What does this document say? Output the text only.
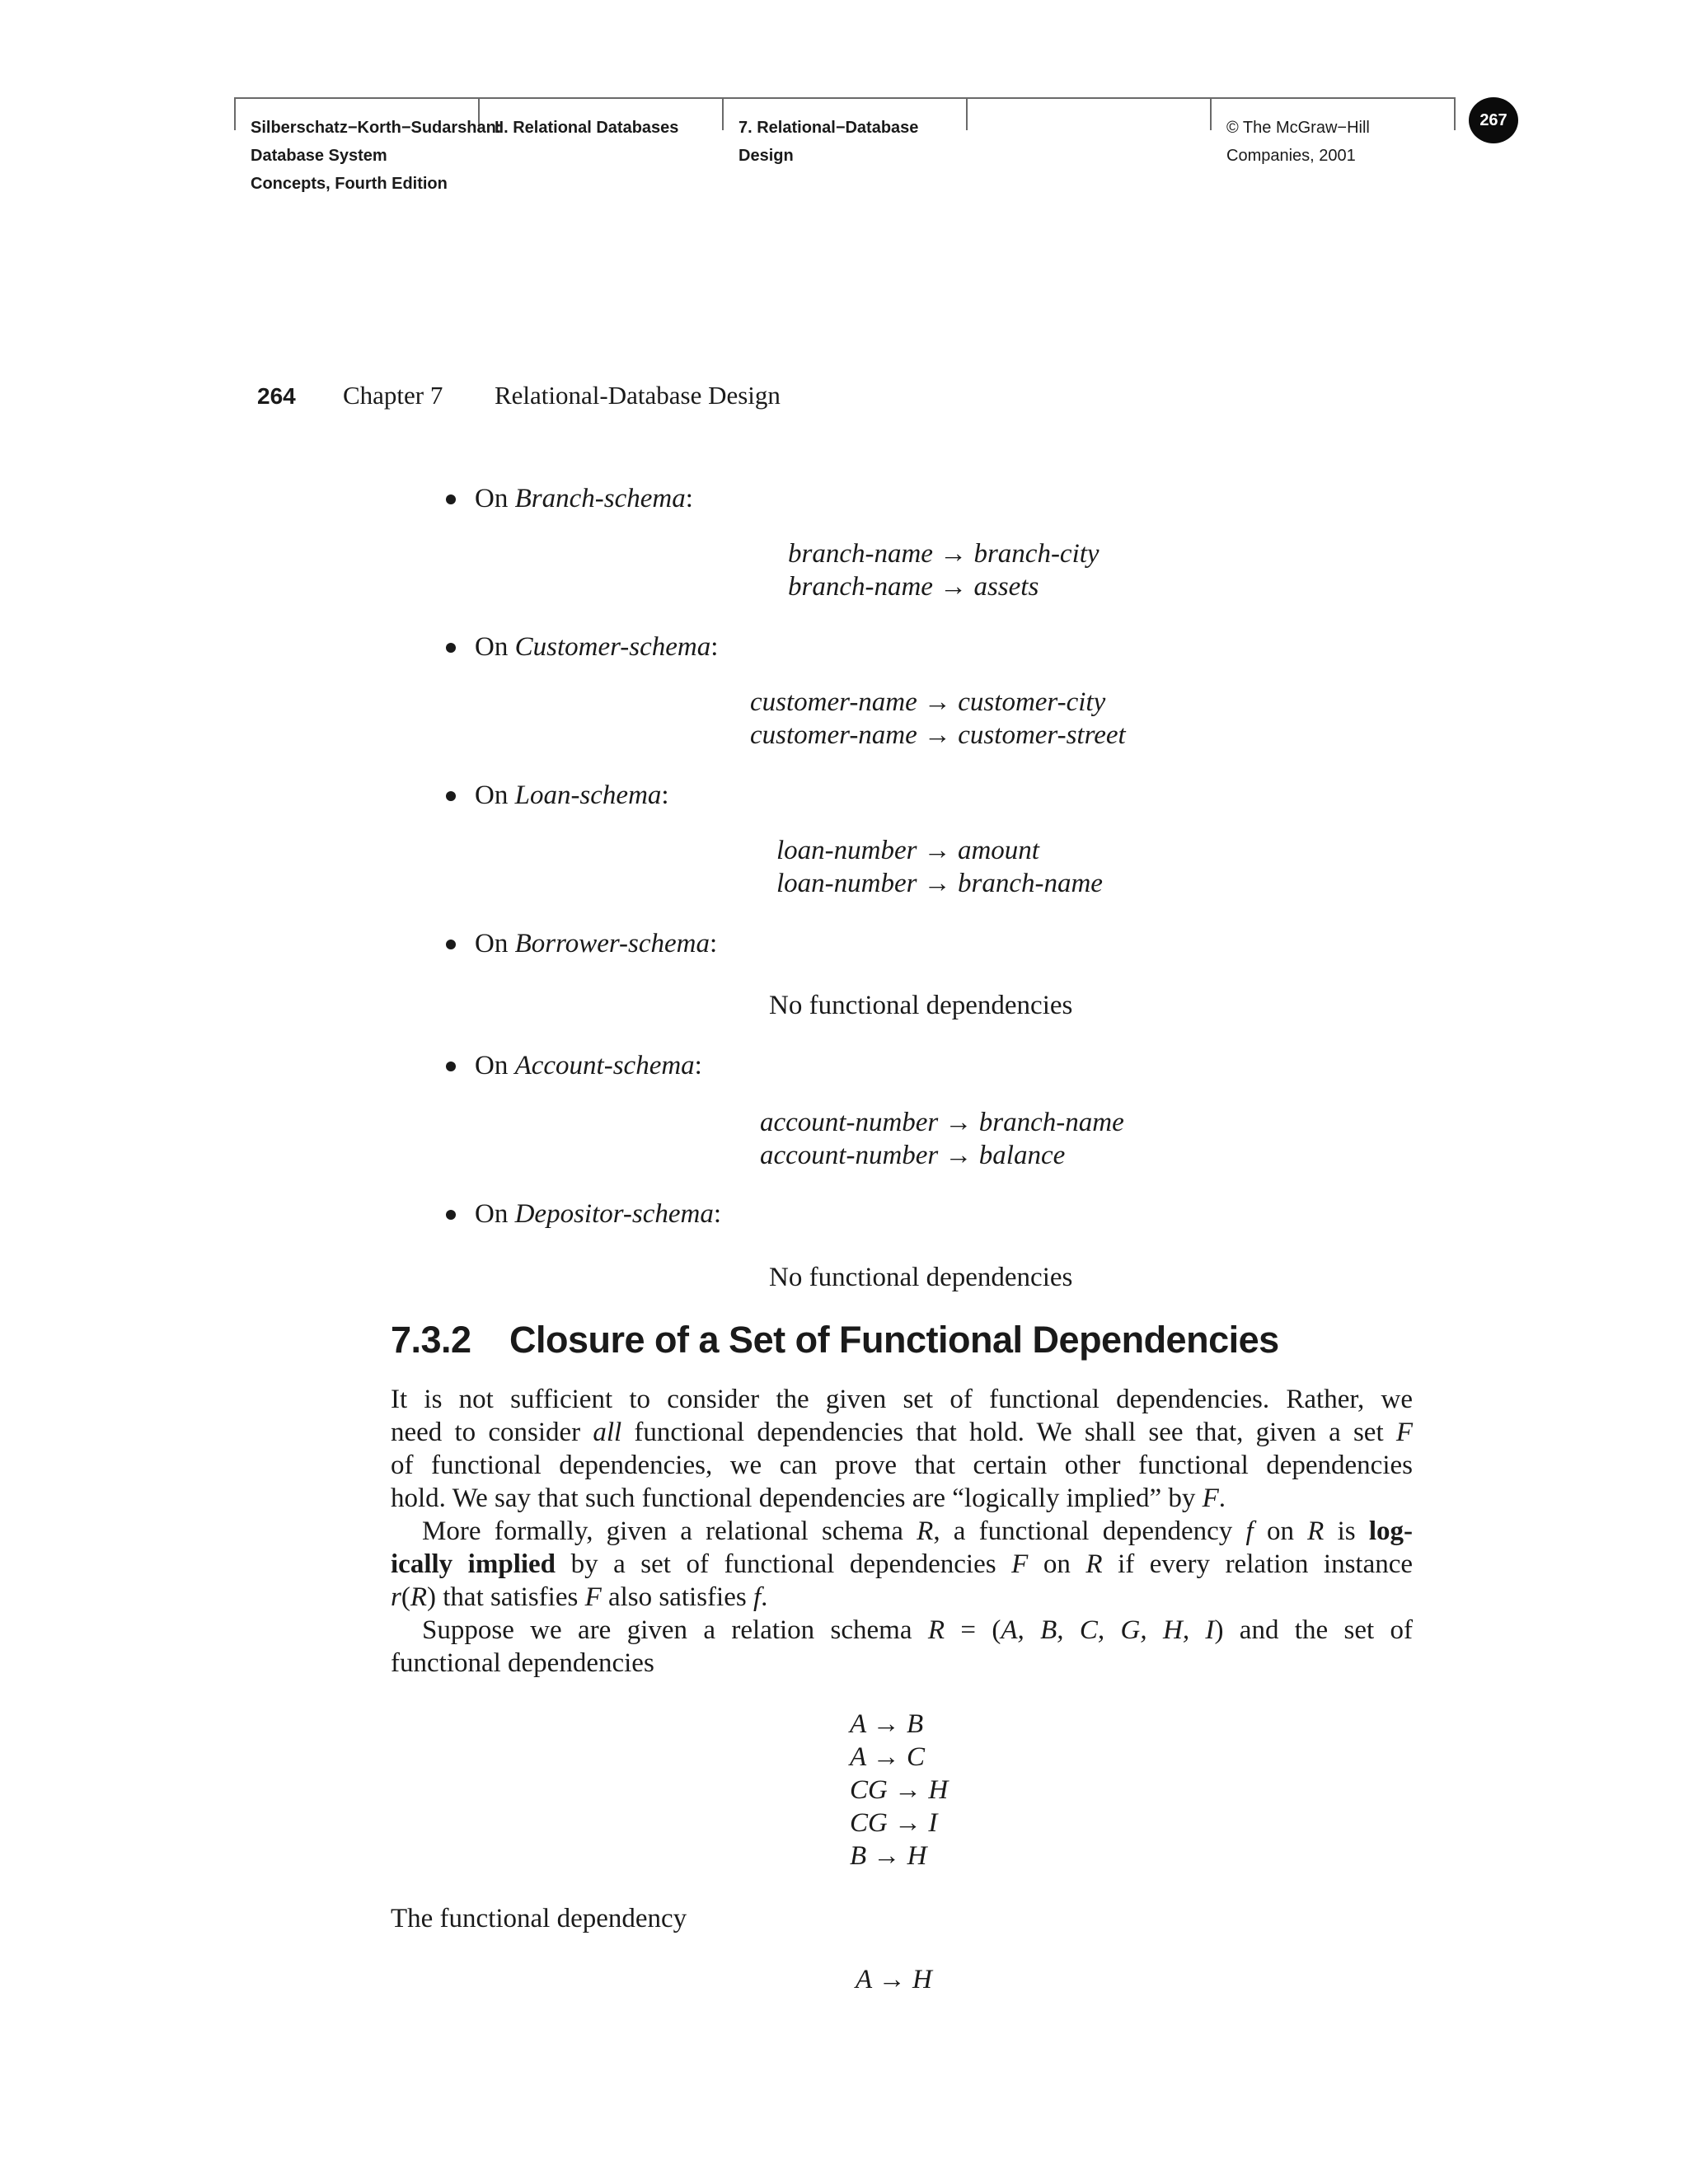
Silberschatz−Korth−Sudarshan:
Database System
Concepts, Fourth Edition
II. Relational Databases	7. Relational−Database
Design
© The McGraw−Hill
Companies, 2001
267
264 Chapter 7 Relational-Database Design
On Branch-schema:
branch-name → branch-city
branch-name → assets
On Customer-schema:
customer-name → customer-city
customer-name → customer-street
On Loan-schema:
loan-number → amount
loan-number → branch-name
On Borrower-schema:
No functional dependencies
On Account-schema:
account-number → branch-name
account-number → balance
On Depositor-schema:
No functional dependencies
7.3.2 Closure of a Set of Functional Dependencies
It is not sufficient to consider the given set of functional dependencies. Rather, we
need to consider all functional dependencies that hold. We shall see that, given a set F
of functional dependencies, we can prove that certain other functional dependencies
hold. We say that such functional dependencies are “logically implied” by F.
More formally, given a relational schema R, a functional dependency f on R is log-
ically implied by a set of functional dependencies F on R if every relation instance
r(R) that satisfies F also satisfies f.
Suppose we are given a relation schema R = (A, B, C, G, H, I) and the set of
functional dependencies
A → B
A → C
CG → H
CG → I
B → H
The functional dependency
A → H
